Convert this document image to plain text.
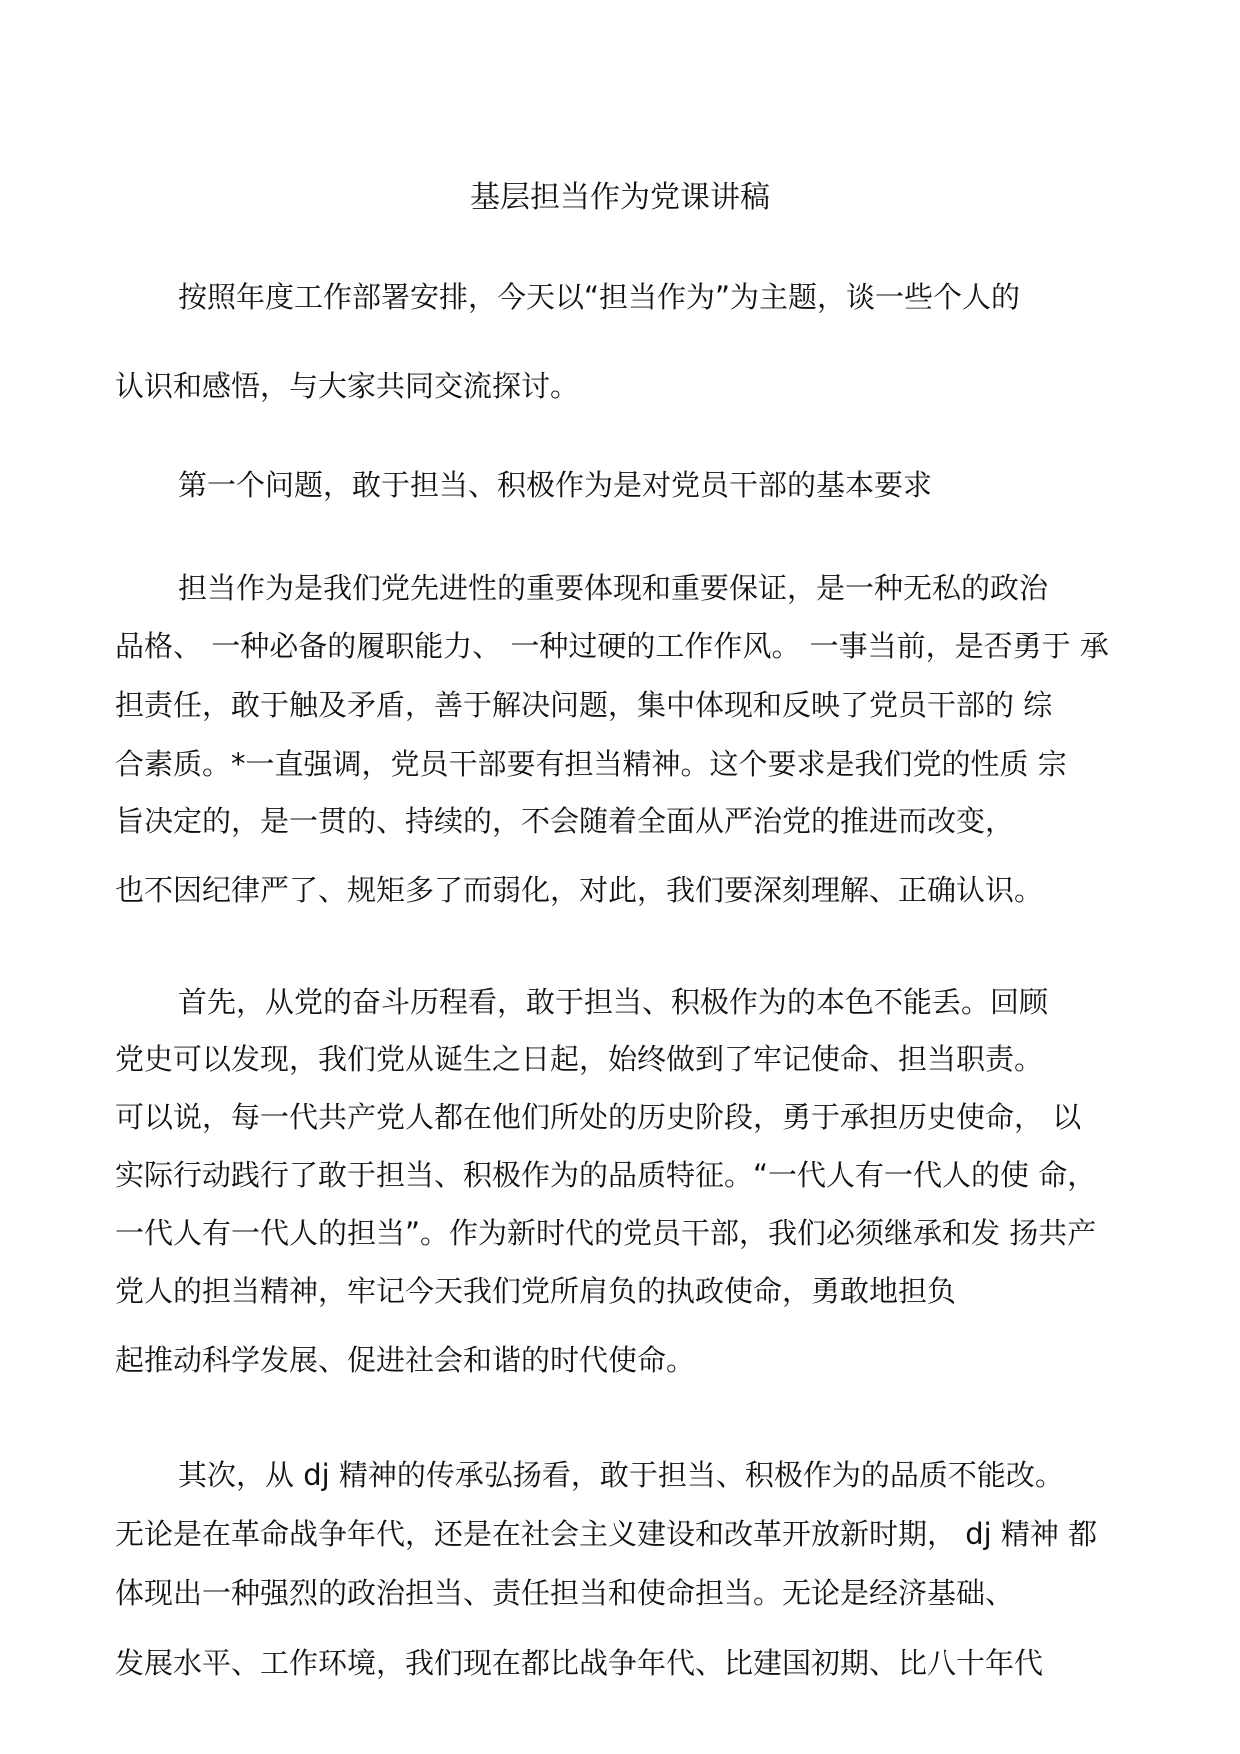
基层担当作为党课讲稿
按照年度工作部署安排，今天以“担当作为”为主题，谈一些个人的
认识和感悟，与大家共同交流探讨。
第一个问题，敢于担当、积极作为是对党员干部的基本要求
担当作为是我们党先进性的重要体现和重要保证，是一种无私的政治
品格、 一种必备的履职能力、 一种过硬的工作作风。 一事当前，是否勇于 承
担责任，敢于触及矛盾，善于解决问题，集中体现和反映了党员干部的 综
合素质。*一直强调，党员干部要有担当精神。这个要求是我们党的性质 宗
旨决定的，是一贯的、持续的，不会随着全面从严治党的推进而改变，
也不因纪律严了、规矩多了而弱化，对此，我们要深刻理解、正确认识。
首先，从党的奋斗历程看，敢于担当、积极作为的本色不能丢。回顾
党史可以发现，我们党从诞生之日起，始终做到了牢记使命、担当职责。
可以说，每一代共产党人都在他们所处的历史阶段，勇于承担历史使命， 以
实际行动践行了敢于担当、积极作为的品质特征。“一代人有一代人的使 命，
一代人有一代人的担当”。作为新时代的党员干部，我们必须继承和发 扬共产
党人的担当精神，牢记今天我们党所肩负的执政使命，勇敢地担负
起推动科学发展、促进社会和谐的时代使命。
其次，从 dj 精神的传承弘扬看，敢于担当、积极作为的品质不能改。
无论是在革命战争年代，还是在社会主义建设和改革开放新时期， dj 精神 都
体现出一种强烈的政治担当、责任担当和使命担当。无论是经济基础、
发展水平、工作环境，我们现在都比战争年代、比建国初期、比八十年代
